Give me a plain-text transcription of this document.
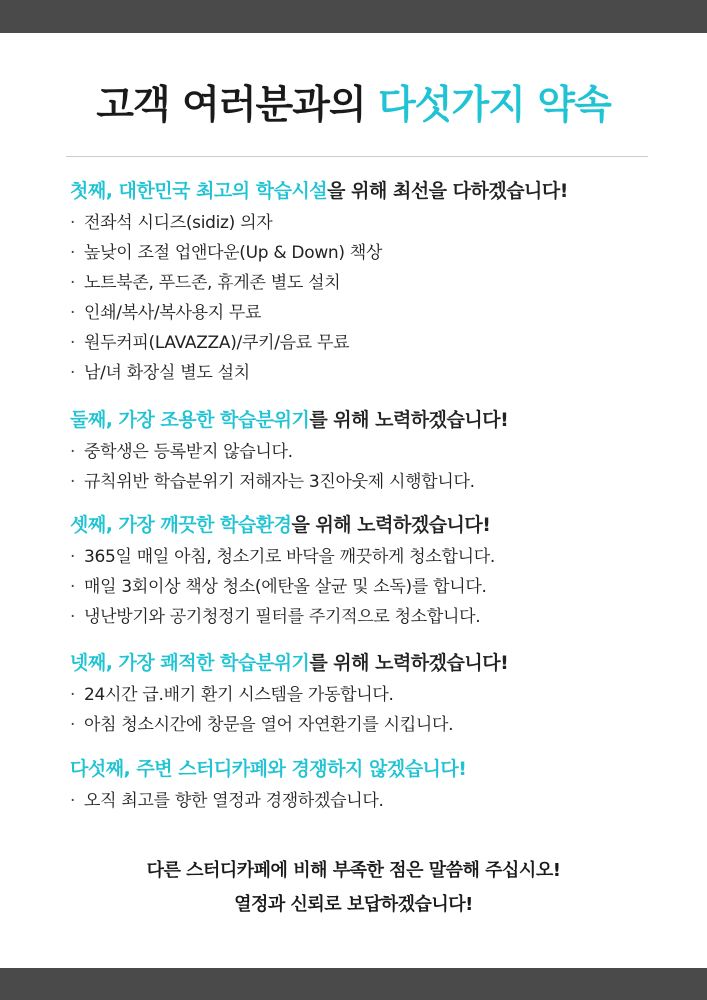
고객 여러분과의 다섯가지 약속
첫째, 대한민국 최고의 학습시설을 위해 최선을 다하겠습니다!
· 전좌석 시디즈(sidiz) 의자
· 높낮이 조절 업앤다운(Up & Down) 책상
· 노트북존, 푸드존, 휴게존 별도 설치
· 인쇄/복사/복사용지 무료
· 원두커피(LAVAZZA)/쿠키/음료 무료
· 남/녀 화장실 별도 설치
둘째, 가장 조용한 학습분위기를 위해 노력하겠습니다!
· 중학생은 등록받지 않습니다.
· 규칙위반 학습분위기 저해자는 3진아웃제 시행합니다.
셋째, 가장 깨끗한 학습환경을 위해 노력하겠습니다!
· 365일 매일 아침, 청소기로 바닥을 깨끗하게 청소합니다.
· 매일 3회이상 책상 청소(에탄올 살균 및 소독)를 합니다.
· 냉난방기와 공기청정기 필터를 주기적으로 청소합니다.
넷째, 가장 쾌적한 학습분위기를 위해 노력하겠습니다!
· 24시간 급.배기 환기 시스템을 가동합니다.
· 아침 청소시간에 창문을 열어 자연환기를 시킵니다.
다섯째, 주변 스터디카페와 경쟁하지 않겠습니다!
· 오직 최고를 향한 열정과 경쟁하겠습니다.
다른 스터디카페에 비해 부족한 점은 말씀해 주십시오!
열정과 신뢰로 보답하겠습니다!
